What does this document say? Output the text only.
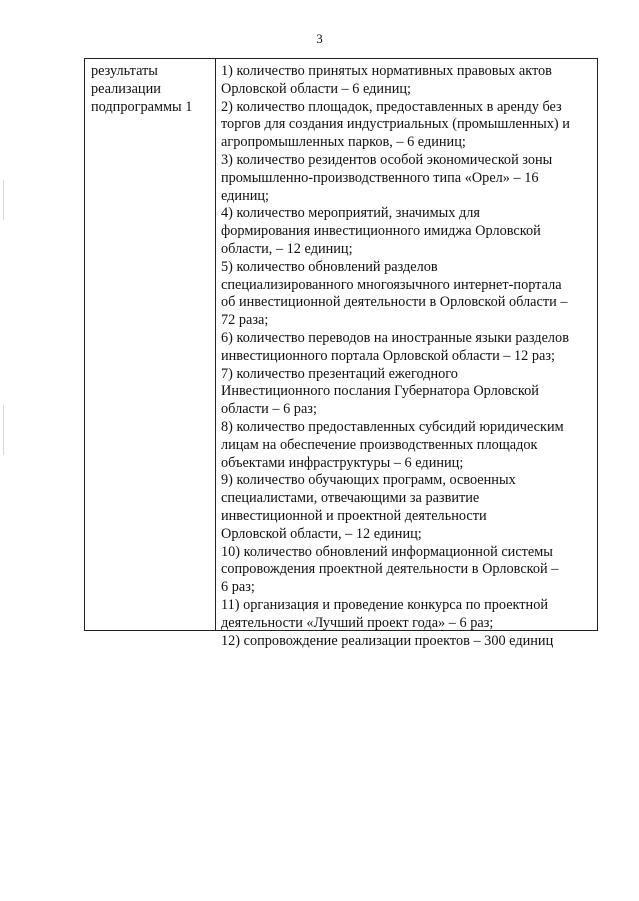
3
результаты
реализации
подпрограммы 1
1) количество принятых нормативных правовых актов
Орловской области – 6 единиц;
2) количество площадок, предоставленных в аренду без
торгов для создания индустриальных (промышленных) и
агропромышленных парков, – 6 единиц;
3) количество резидентов особой экономической зоны
промышленно-производственного типа «Орел» – 16
единиц;
4) количество мероприятий, значимых для
формирования инвестиционного имиджа Орловской
области, – 12 единиц;
5) количество обновлений разделов
специализированного многоязычного интернет-портала
об инвестиционной деятельности в Орловской области –
72 раза;
6) количество переводов на иностранные языки разделов
инвестиционного портала Орловской области – 12 раз;
7) количество презентаций ежегодного
Инвестиционного послания Губернатора Орловской
области – 6 раз;
8) количество предоставленных субсидий юридическим
лицам на обеспечение производственных площадок
объектами инфраструктуры – 6 единиц;
9) количество обучающих программ, освоенных
специалистами, отвечающими за развитие
инвестиционной и проектной деятельности
Орловской области, – 12 единиц;
10) количество обновлений информационной системы
сопровождения проектной деятельности в Орловской –
6 раз;
11) организация и проведение конкурса по проектной
деятельности «Лучший проект года» – 6 раз;
12) сопровождение реализации проектов – 300 единиц
